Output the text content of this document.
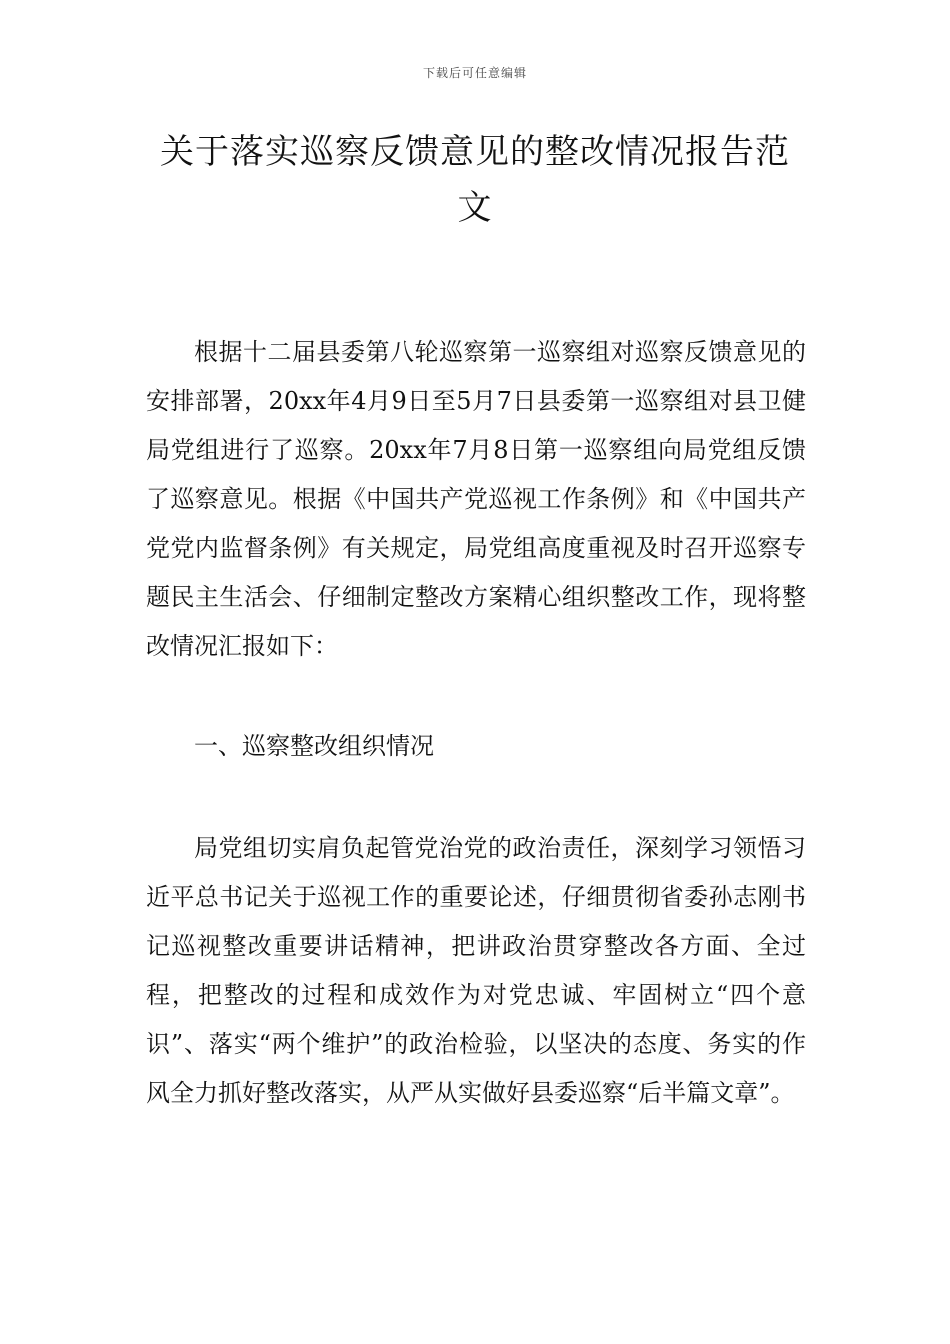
下载后可任意编辑
关于落实巡察反馈意见的整改情况报告范文

根据十二届县委第八轮巡察第一巡察组对巡察反馈意见的安排部署，20xx年4月9日至5月7日县委第一巡察组对县卫健局党组进行了巡察。20xx年7月8日第一巡察组向局党组反馈了巡察意见。根据《中国共产党巡视工作条例》和《中国共产党党内监督条例》有关规定，局党组高度重视及时召开巡察专题民主生活会、仔细制定整改方案精心组织整改工作，现将整改情况汇报如下：

一、巡察整改组织情况

局党组切实肩负起管党治党的政治责任，深刻学习领悟习近平总书记关于巡视工作的重要论述，仔细贯彻省委孙志刚书记巡视整改重要讲话精神，把讲政治贯穿整改各方面、全过程，把整改的过程和成效作为对党忠诚、牢固树立“四个意识”、落实“两个维护”的政治检验，以坚决的态度、务实的作风全力抓好整改落实，从严从实做好县委巡察“后半篇文章”。
